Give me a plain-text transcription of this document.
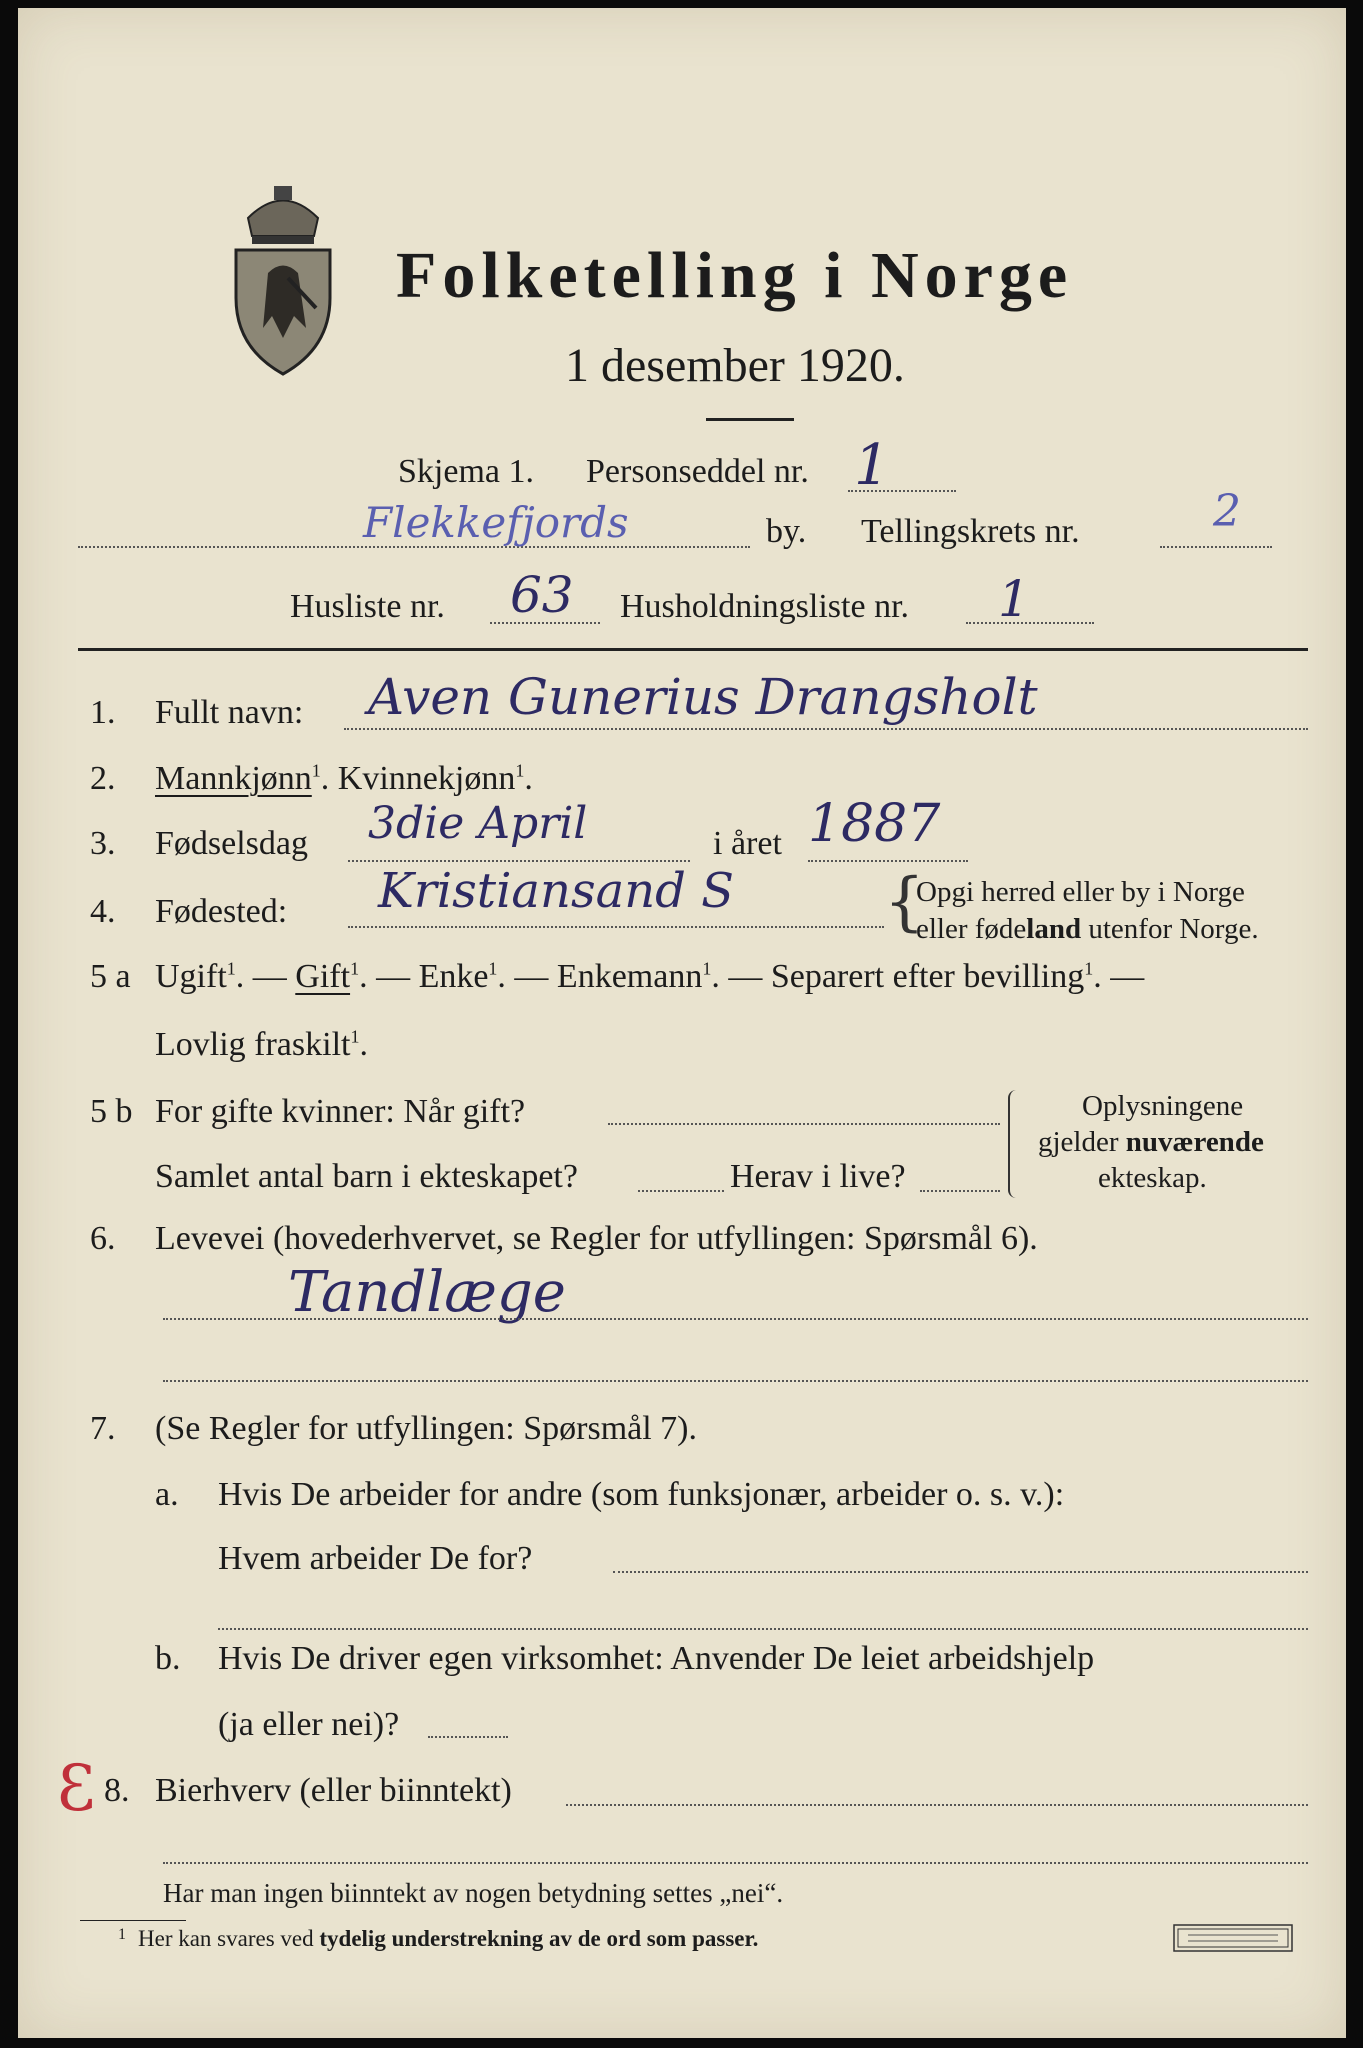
Folketelling i Norge
1 desember 1920.
Skjema 1. Personseddel nr. 1
Flekkefjords	by. Tellingskrets nr.	2
Husliste nr. 63 Husholdningsliste nr. 1
1. Fullt navn: Aven Gunerius Drangsholt
2. Mannkjønn$^1$. Kvinnekjønn$^1$.
3. Fødselsdag 3die April	i året 1887
4. Fødested: Kristiansand S {
Opgi herred eller by i Norge
eller fødeland utenfor Norge.
5 a Ugift$^1$. — Gift$^1$. — Enke$^1$. — Enkemann$^1$. — Separert efter bevilling$^1$. —
Lovlig fraskilt$^1$.
5 b For gifte kvinner: Når gift?
Samlet antal barn i ekteskapet?	Herav i live?
Oplysningene
gjelder nuværende
ekteskap.
6. Levevei (hovederhvervet, se Regler for utfyllingen: Spørsmål 6).
Tandlæge
7. (Se Regler for utfyllingen: Spørsmål 7).
a. Hvis De arbeider for andre (som funksjonær, arbeider o. s. v.):
Hvem arbeider De for?
b. Hvis De driver egen virksomhet: Anvender De leiet arbeidshjelp
(ja eller nei)?
3 8. Bierhverv (eller biinntekt)
Har man ingen biinntekt av nogen betydning settes „nei“.
$^1$ Her kan svares ved tydelig understrekning av de ord som passer.
